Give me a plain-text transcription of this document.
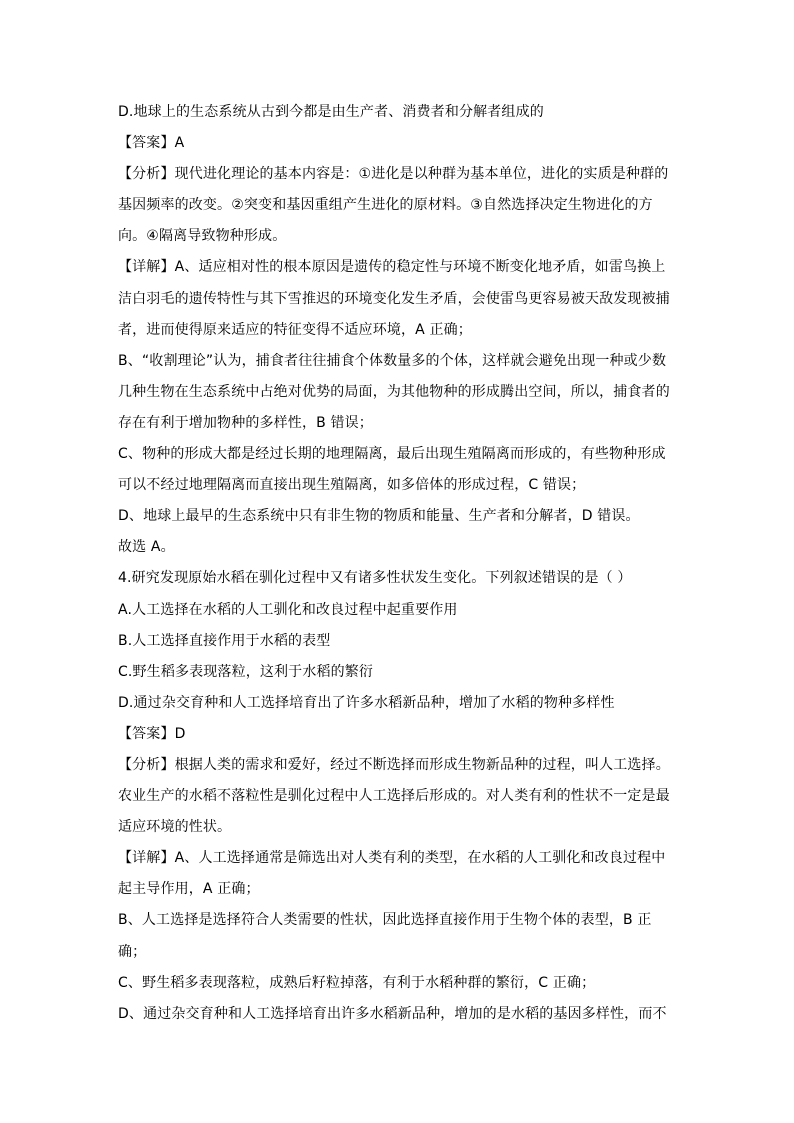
D.地球上的生态系统从古到今都是由生产者、消费者和分解者组成的
【答案】A
【分析】现代进化理论的基本内容是：①进化是以种群为基本单位，进化的实质是种群的
基因频率的改变。②突变和基因重组产生进化的原材料。③自然选择决定生物进化的方
向。④隔离导致物种形成。
【详解】A、适应相对性的根本原因是遗传的稳定性与环境不断变化地矛盾，如雷鸟换上
洁白羽毛的遗传特性与其下雪推迟的环境变化发生矛盾，会使雷鸟更容易被天敌发现被捕
者，进而使得原来适应的特征变得不适应环境，A 正确；
B、“收割理论”认为，捕食者往往捕食个体数量多的个体，这样就会避免出现一种或少数
几种生物在生态系统中占绝对优势的局面，为其他物种的形成腾出空间，所以，捕食者的
存在有利于增加物种的多样性，B 错误；
C、物种的形成大都是经过长期的地理隔离，最后出现生殖隔离而形成的，有些物种形成
可以不经过地理隔离而直接出现生殖隔离，如多倍体的形成过程，C 错误；
D、地球上最早的生态系统中只有非生物的物质和能量、生产者和分解者，D 错误。
故选 A。
4.研究发现原始水稻在驯化过程中又有诸多性状发生变化。下列叙述错误的是（ ）
A.人工选择在水稻的人工驯化和改良过程中起重要作用
B.人工选择直接作用于水稻的表型
C.野生稻多表现落粒，这利于水稻的繁衍
D.通过杂交育种和人工选择培育出了许多水稻新品种，增加了水稻的物种多样性
【答案】D
【分析】根据人类的需求和爱好，经过不断选择而形成生物新品种的过程，叫人工选择。
农业生产的水稻不落粒性是驯化过程中人工选择后形成的。对人类有利的性状不一定是最
适应环境的性状。
【详解】A、人工选择通常是筛选出对人类有利的类型，在水稻的人工驯化和改良过程中
起主导作用，A 正确；
B、人工选择是选择符合人类需要的性状，因此选择直接作用于生物个体的表型，B 正
确；
C、野生稻多表现落粒，成熟后籽粒掉落，有利于水稻种群的繁衍，C 正确；
D、通过杂交育种和人工选择培育出许多水稻新品种，增加的是水稻的基因多样性，而不
